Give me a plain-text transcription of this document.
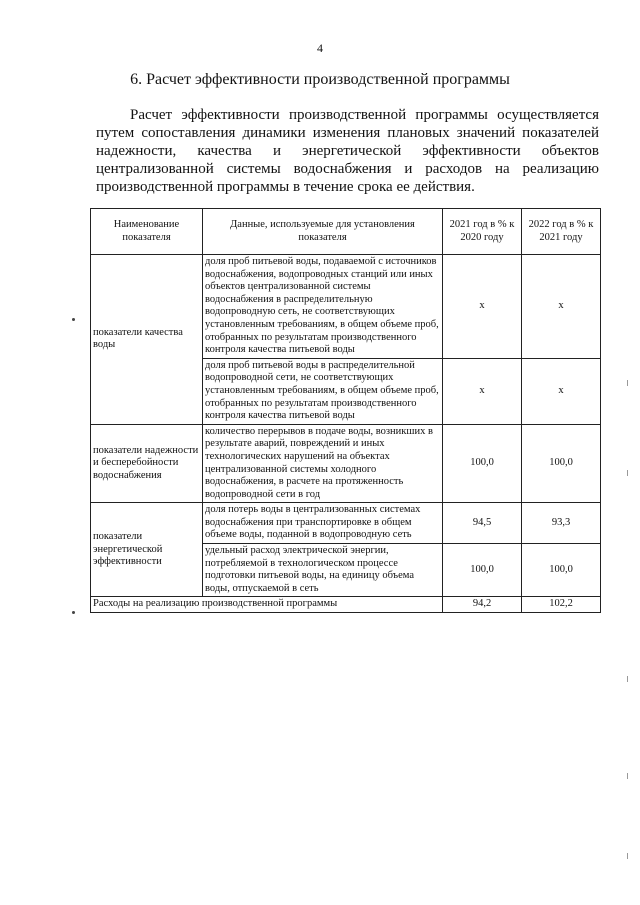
4
6. Расчет эффективности производственной программы

Расчет эффективности производственной программы осуществляется

путем сопоставления динамики изменения плановых значений показателей

надежности, качества и энергетической эффективности объектов

централизованной системы водоснабжения и расходов на реализацию

производственной программы в течение срока ее действия.

Наименование показателя	Данные, используемые для установления показателя	2021 год в % к 2020 году	2022 год в % к 2021 году
показатели качества воды	доля проб питьевой воды, подаваемой с источников водоснабжения, водопроводных станций или иных объектов централизованной системы водоснабжения в распределительную водопроводную сеть, не соответствующих установленным требованиям, в общем объеме проб, отобранных по результатам производственного контроля качества питьевой воды	x	x
	доля проб питьевой воды в распределительной водопроводной сети, не соответствующих установленным требованиям, в общем объеме проб, отобранных по результатам производственного контроля качества питьевой воды	x	x
показатели надежности и бесперебойности водоснабжения	количество перерывов в подаче воды, возникших в результате аварий, повреждений и иных технологических нарушений на объектах централизованной системы холодного водоснабжения, в расчете на протяженность водопроводной сети в год	100,0	100,0
показатели энергетической эффективности	доля потерь воды в централизованных системах водоснабжения при транспортировке в общем объеме воды, поданной в водопроводную сеть	94,5	93,3
	удельный расход электрической энергии, потребляемой в технологическом процессе подготовки питьевой воды, на единицу объема воды, отпускаемой в сеть	100,0	100,0
Расходы на реализацию производственной программы		94,2	102,2
